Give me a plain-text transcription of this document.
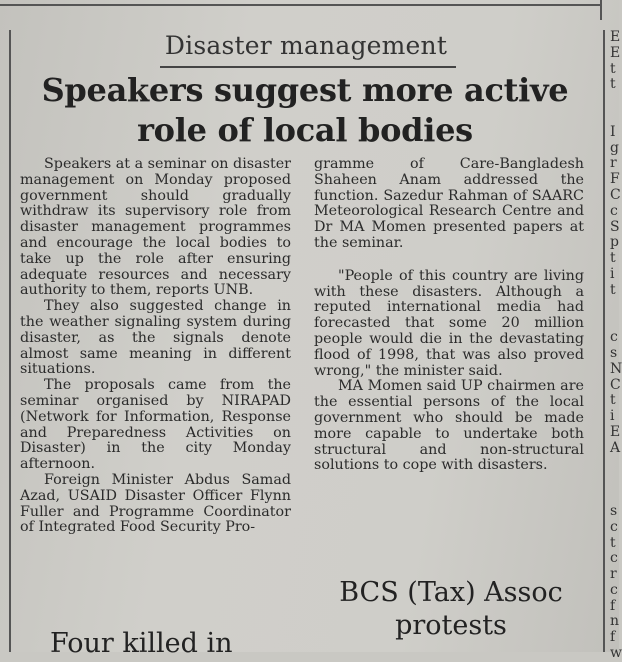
Disaster management
Speakers suggest more active
role of local bodies

Speakers at a seminar on disaster management on Monday proposed government should gradually withdraw its supervisory role from disaster management programmes and encourage the local bodies to take up the role after ensuring adequate resources and necessary authority to them, reports UNB.

They also suggested change in the weather signaling system during disaster, as the signals denote almost same meaning in different situations.

The proposals came from the seminar organised by NIRAPAD (Network for Information, Response and Preparedness Activities on Disaster) in the city Monday afternoon.

Foreign Minister Abdus Samad Azad, USAID Disaster Officer Flynn Fuller and Programme Coordinator of Integrated Food Security Pro-

gramme of Care-Bangladesh Shaheen Anam addressed the function. Sazedur Rahman of SAARC Meteorological Research Centre and Dr MA Momen presented papers at the seminar.

"People of this country are living with these disasters. Although a reputed international media had forecasted that some 20 million people would die in the devastating flood of 1998, that was also proved wrong," the minister said.

MA Momen said UP chairmen are the essential persons of the local government who should be made more capable to undertake both structural and non-structural solutions to cope with disasters.

BCS (Tax) Assoc
protests
Four killed in
E
E
t
t

I
g
r
F
C
c
S
p
t
i
t

c
s
N
C
t
i
E
A

s
c
t
c
r
c
f
n
f
w
